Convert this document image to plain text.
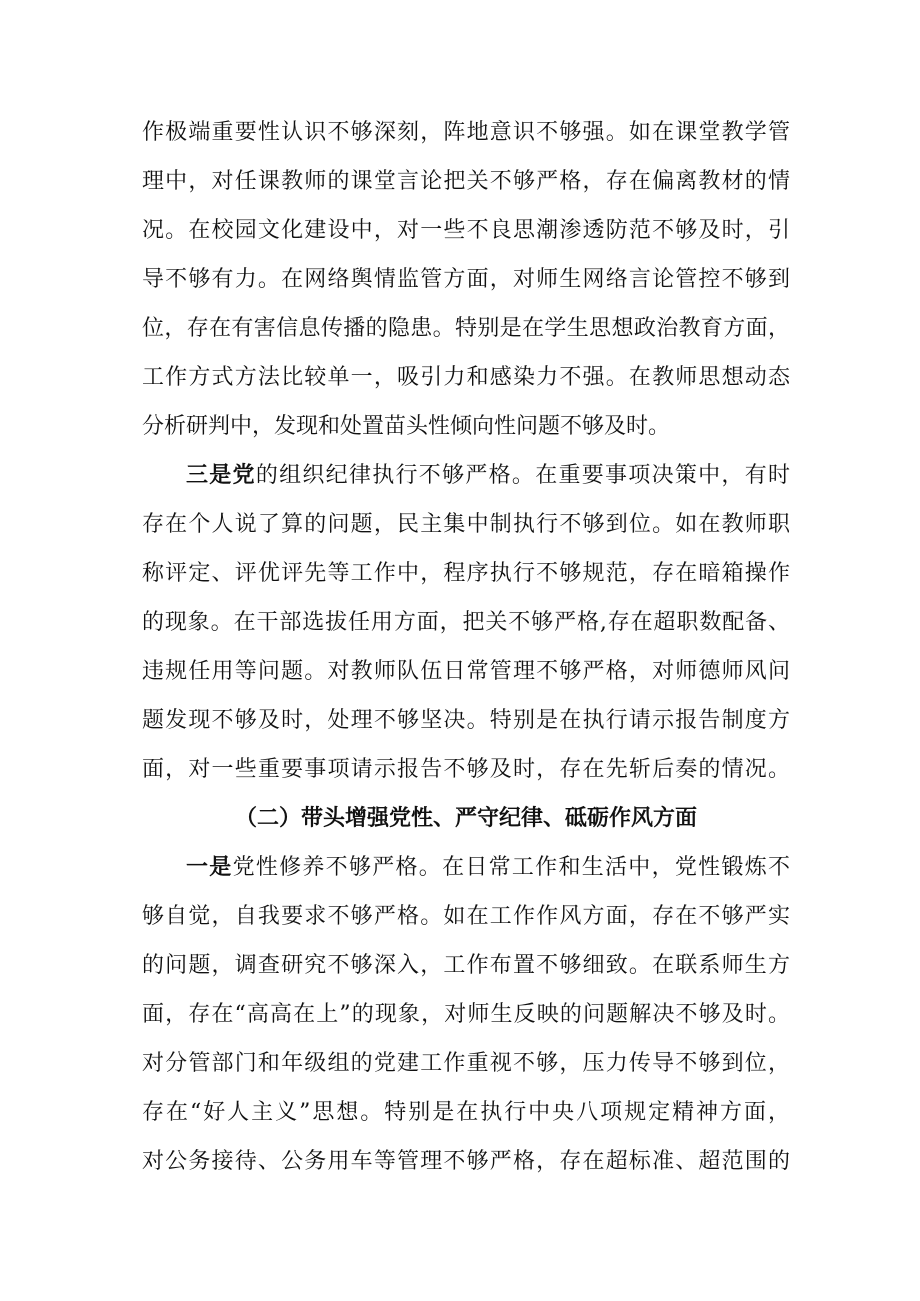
作极端重要性认识不够深刻，阵地意识不够强。如在课堂教学管
理中，对任课教师的课堂言论把关不够严格，存在偏离教材的情
况。在校园文化建设中，对一些不良思潮渗透防范不够及时，引
导不够有力。在网络舆情监管方面，对师生网络言论管控不够到
位，存在有害信息传播的隐患。特别是在学生思想政治教育方面，
工作方式方法比较单一，吸引力和感染力不强。在教师思想动态
分析研判中，发现和处置苗头性倾向性问题不够及时。
三是党的组织纪律执行不够严格。在重要事项决策中，有时
存在个人说了算的问题，民主集中制执行不够到位。如在教师职
称评定、评优评先等工作中，程序执行不够规范，存在暗箱操作
的现象。在干部选拔任用方面，把关不够严格,存在超职数配备、
违规任用等问题。对教师队伍日常管理不够严格，对师德师风问
题发现不够及时，处理不够坚决。特别是在执行请示报告制度方
面，对一些重要事项请示报告不够及时，存在先斩后奏的情况。
（二）带头增强党性、严守纪律、砥砺作风方面
一是党性修养不够严格。在日常工作和生活中，党性锻炼不
够自觉，自我要求不够严格。如在工作作风方面，存在不够严实
的问题，调查研究不够深入，工作布置不够细致。在联系师生方
面，存在“高高在上”的现象，对师生反映的问题解决不够及时。
对分管部门和年级组的党建工作重视不够，压力传导不够到位，
存在“好人主义”思想。特别是在执行中央八项规定精神方面，
对公务接待、公务用车等管理不够严格，存在超标准、超范围的
